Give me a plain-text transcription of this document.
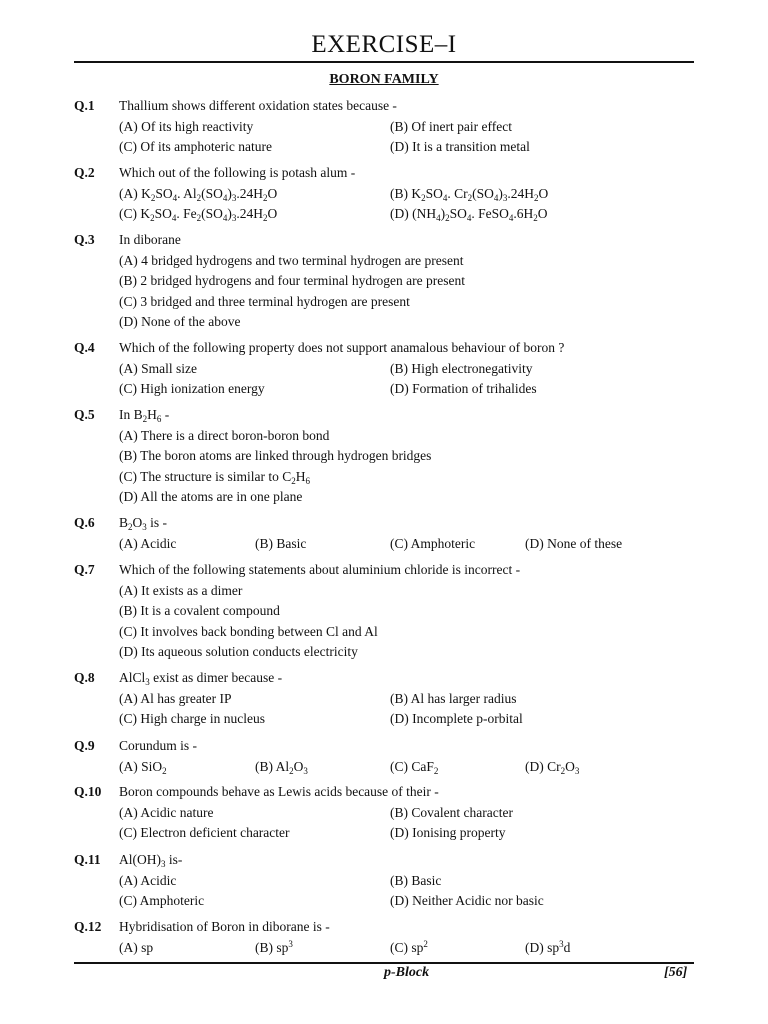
EXERCISE–I
BORON FAMILY
Q.1 Thallium shows different oxidation states because -
(A) Of its high reactivity	(B) Of inert pair effect
(C) Of its amphoteric nature	(D) It is a transition metal
Q.2 Which out of the following is potash alum -
(A) $K_2SO_4$. $Al_2(SO_4)_3.24H_2O$	(B) $K_2SO_4$. $Cr_2(SO_4)_3.24H_2O$
(C) $K_2SO_4$. $Fe_2(SO_4)_3.24H_2O$	(D) $(NH_4)_2SO_4$. $FeSO_4.6H_2O$
Q.3 In diborane
(A) 4 bridged hydrogens and two terminal hydrogen are present
(B) 2 bridged hydrogens and four terminal hydrogen are present
(C) 3 bridged and three terminal hydrogen are present
(D) None of the above
Q.4 Which of the following property does not support anamalous behaviour of boron ?
(A) Small size	(B) High electronegativity
(C) High ionization energy	(D) Formation of trihalides
Q.5 In $B_2H_6$ -
(A) There is a direct boron-boron bond
(B) The boron atoms are linked through hydrogen bridges
(C) The structure is similar to $C_2H_6$
(D) All the atoms are in one plane
Q.6 $B_2O_3$ is -
(A) Acidic	(B) Basic	(C) Amphoteric	(D) None of these
Q.7 Which of the following statements about aluminium chloride is incorrect -
(A) It exists as a dimer
(B) It is a covalent compound
(C) It involves back bonding between Cl and Al
(D) Its aqueous solution conducts electricity
Q.8 AlCl$_3$ exist as dimer because -
(A) Al has greater IP	(B) Al has larger radius
(C) High charge in nucleus	(D) Incomplete p-orbital
Q.9 Corundum is -
(A) SiO$_2$	(B) $Al_2O_3$	(C) CaF$_2$	(D) $Cr_2O_3$
Q.10 Boron compounds behave as Lewis acids because of their -
(A) Acidic nature	(B) Covalent character
(C) Electron deficient character	(D) Ionising property
Q.11 $Al(OH)_3$ is-
(A) Acidic	(B) Basic
(C) Amphoteric	(D) Neither Acidic nor basic
Q.12 Hybridisation of Boron in diborane is -
(A) sp	(B) $sp^3$	(C) $sp^2$	(D) $sp^3d$
p-Block	[56]
